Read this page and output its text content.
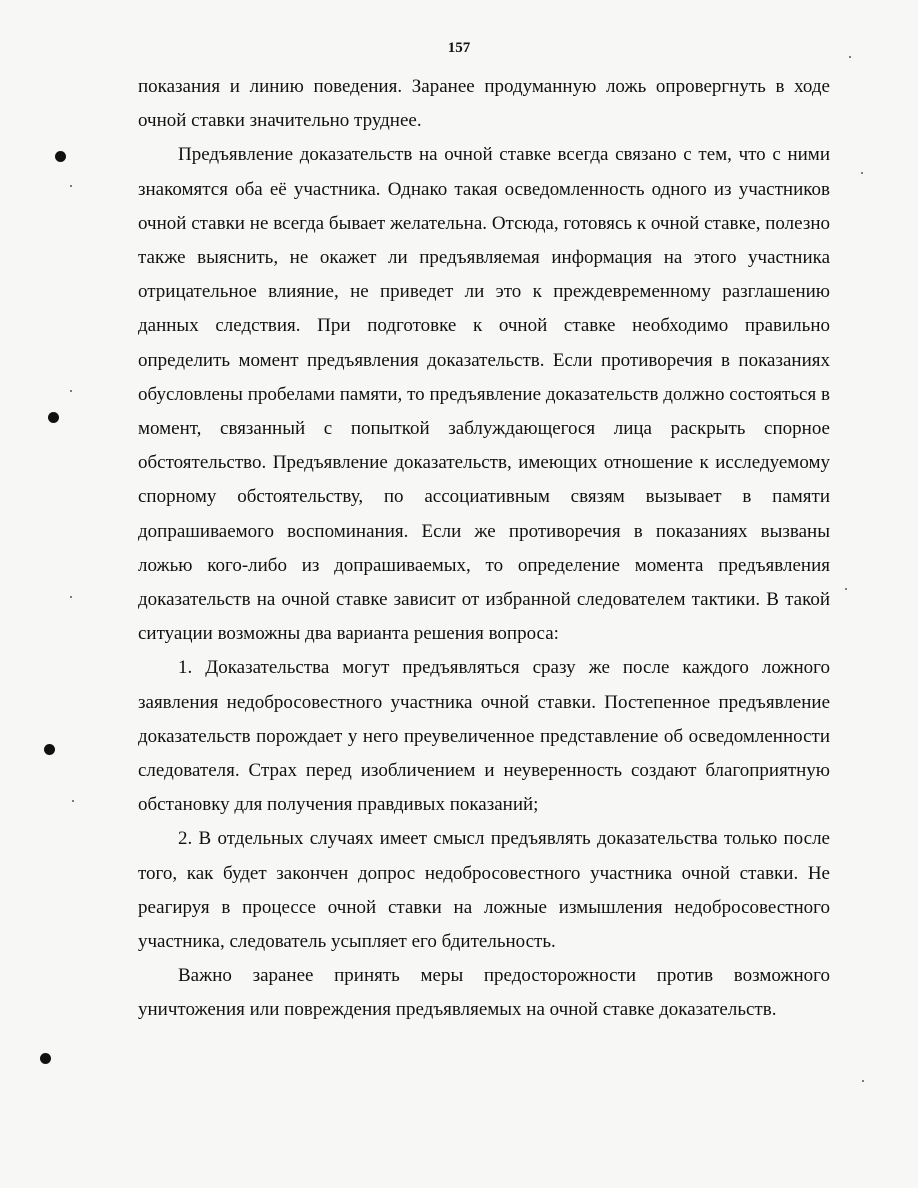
157

показания и линию поведения. Заранее продуманную ложь опровергнуть в ходе очной ставки значительно труднее.

Предъявление доказательств на очной ставке всегда связано с тем, что с ними знакомятся оба её участника. Однако такая осведомленность одного из участников очной ставки не всегда бывает желательна. Отсюда, готовясь к очной ставке, полезно также выяснить, не окажет ли предъявляемая информация на этого участника отрицательное влияние, не приведет ли это к преждевременному разглашению данных следствия. При подготовке к очной ставке необходимо правильно определить момент предъявления доказательств. Если противоречия в показаниях обусловлены пробелами памяти, то предъявление доказательств должно состояться в момент, связанный с попыткой заблуждающегося лица раскрыть спорное обстоятельство. Предъявление доказательств, имеющих отношение к исследуемому спорному обстоятельству, по ассоциативным связям вызывает в памяти допрашиваемого воспоминания. Если же противоречия в показаниях вызваны ложью кого-либо из допрашиваемых, то определение момента предъявления доказательств на очной ставке зависит от избранной следователем тактики. В такой ситуации возможны два варианта решения вопроса:

1. Доказательства могут предъявляться сразу же после каждого ложного заявления недобросовестного участника очной ставки. Постепенное предъявление доказательств порождает у него преувеличенное представление об осведомленности следователя. Страх перед изобличением и неуверенность создают благоприятную обстановку для получения правдивых показаний;

2. В отдельных случаях имеет смысл предъявлять доказательства только после того, как будет закончен допрос недобросовестного участника очной ставки. Не реагируя в процессе очной ставки на ложные измышления недобросовестного участника, следователь усыпляет его бдительность.

Важно заранее принять меры предосторожности против возможного уничтожения или повреждения предъявляемых на очной ставке доказательств.
